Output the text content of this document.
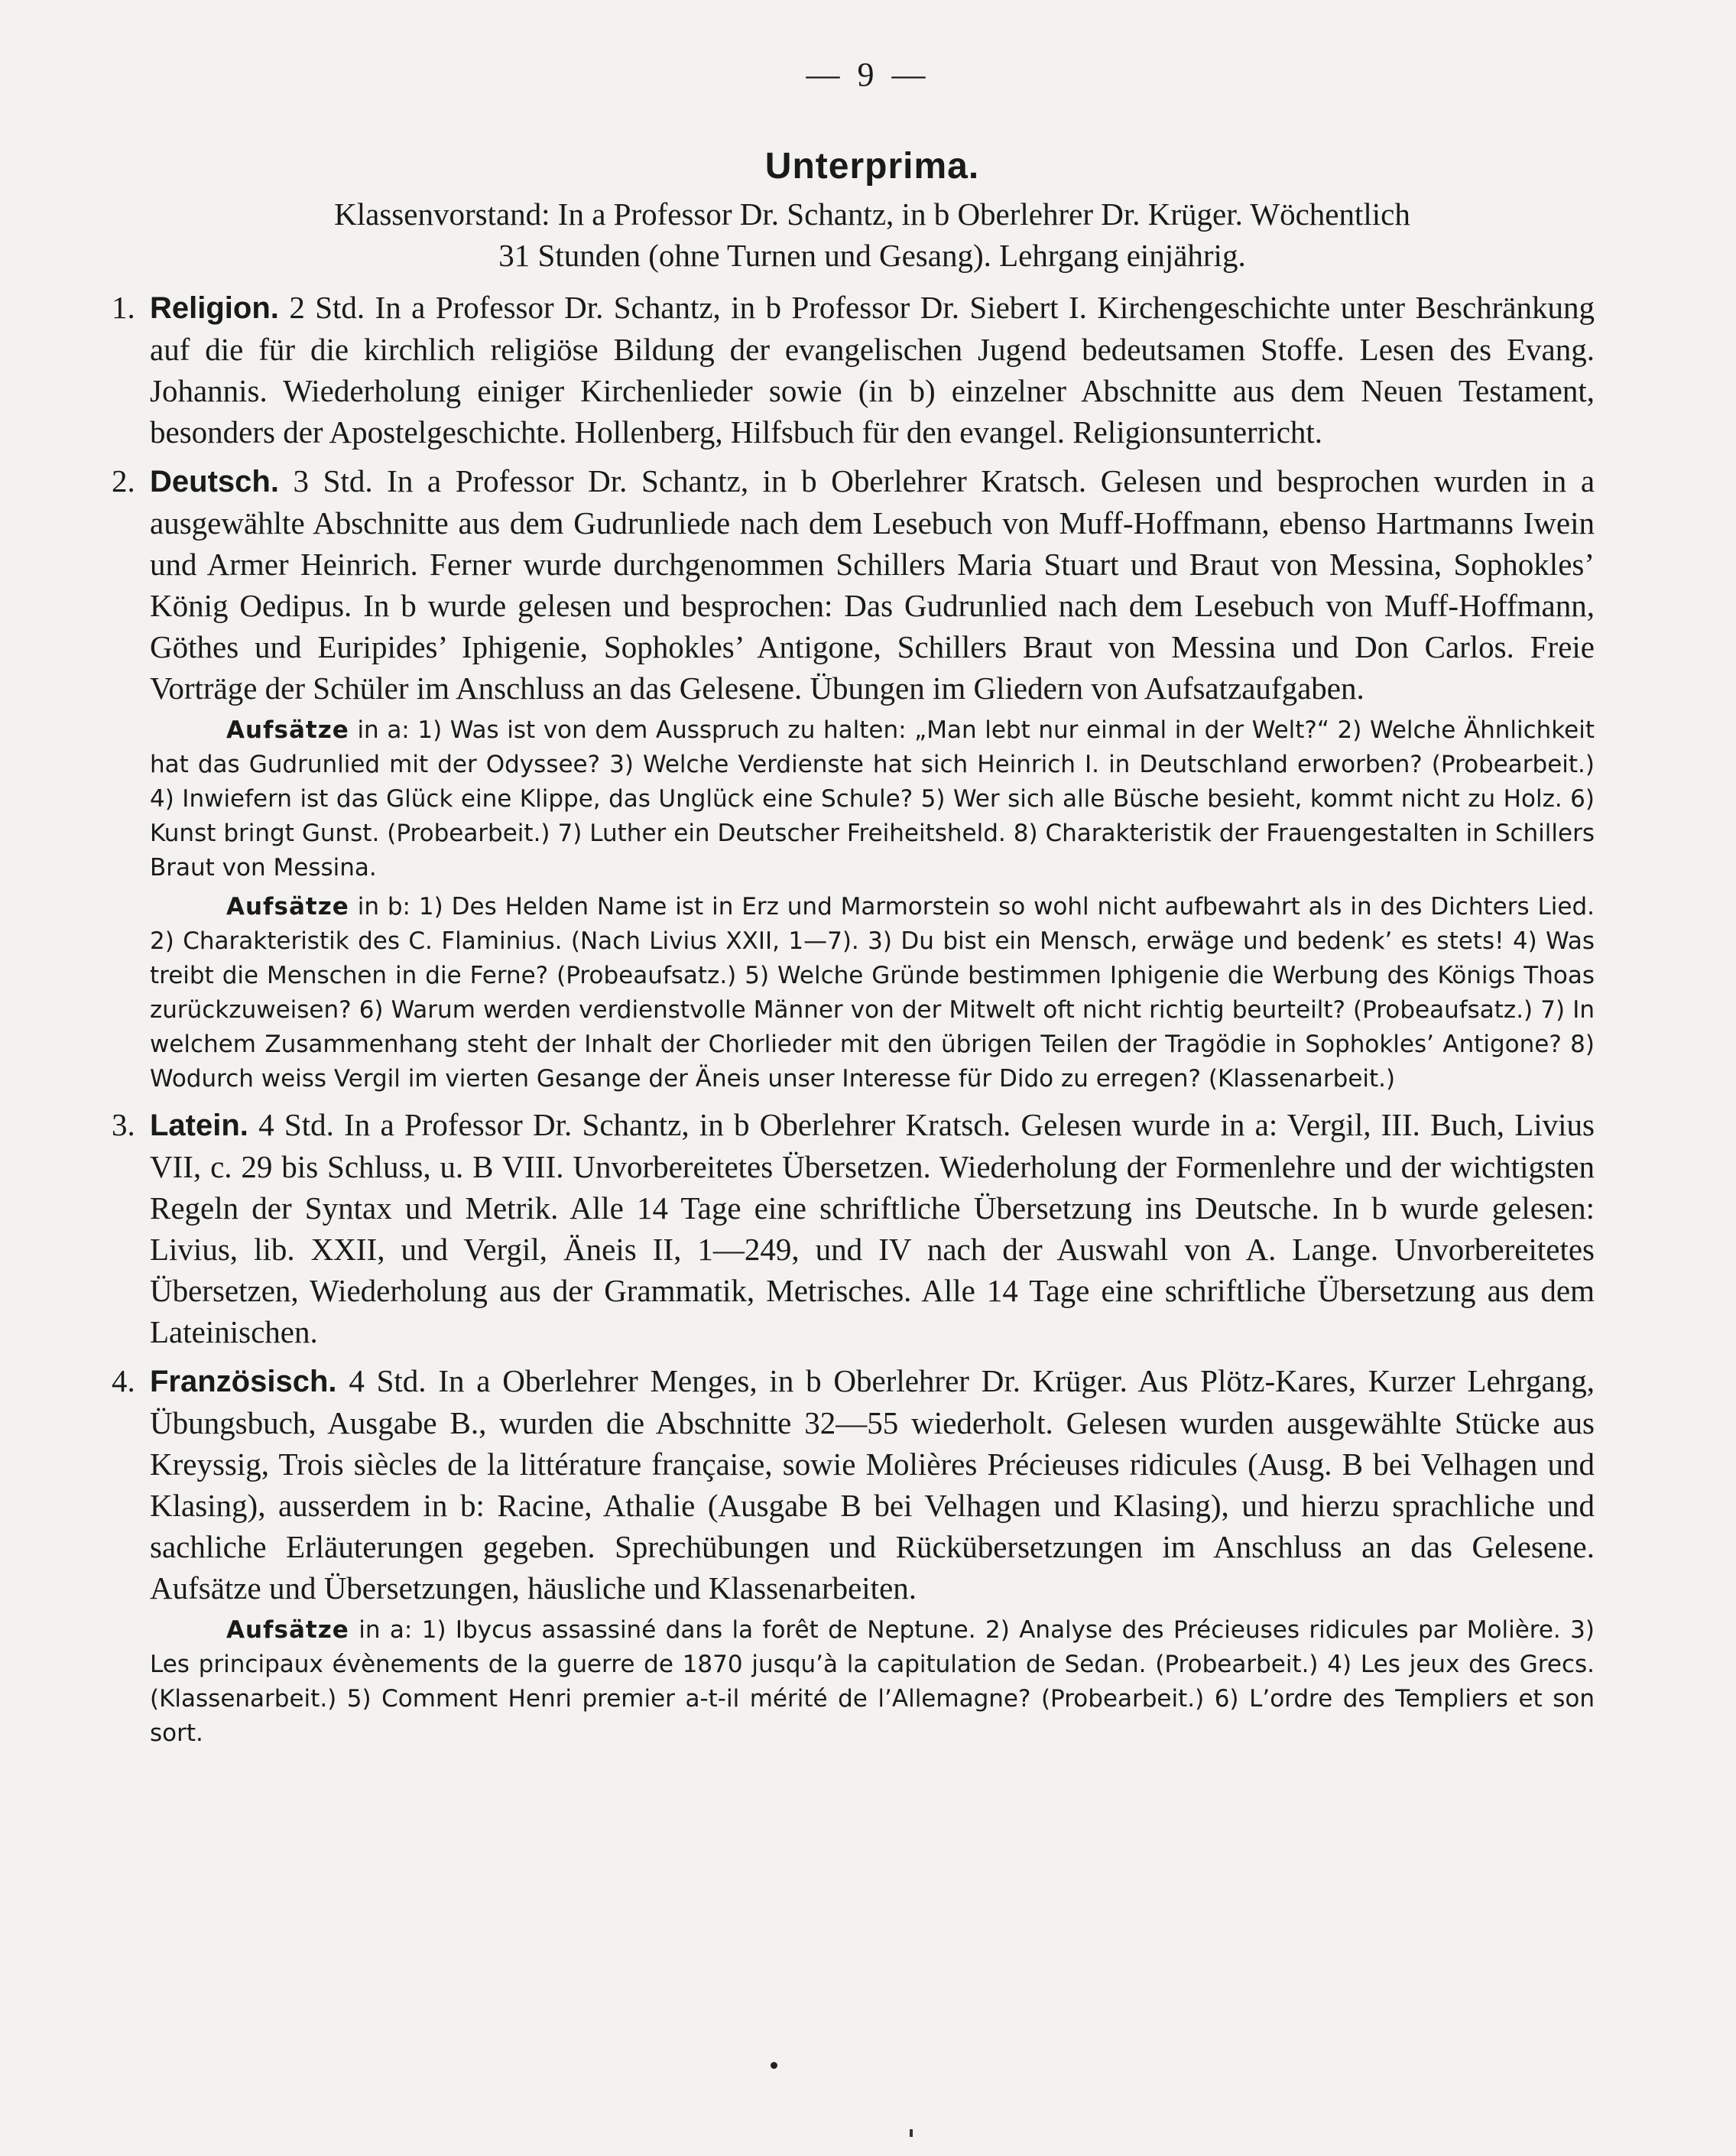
— 9 —
Unterprima.

Klassenvorstand: In a Professor Dr. Schantz, in b Oberlehrer Dr. Krüger. Wöchentlich

31 Stunden (ohne Turnen und Gesang). Lehrgang einjährig.

1. Religion. 2 Std. In a Professor Dr. Schantz, in b Professor Dr. Siebert I. Kirchengeschichte unter Beschränkung auf die für die kirchlich religiöse Bildung der evangelischen Jugend bedeutsamen Stoffe. Lesen des Evang. Johannis. Wiederholung einiger Kirchenlieder sowie (in b) einzelner Abschnitte aus dem Neuen Testament, besonders der Apostelgeschichte. Hollenberg, Hilfsbuch für den evangel. Religionsunterricht.

2. Deutsch. 3 Std. In a Professor Dr. Schantz, in b Oberlehrer Kratsch. Gelesen und besprochen wurden in a ausgewählte Abschnitte aus dem Gudrunliede nach dem Lesebuch von Muff-Hoffmann, ebenso Hartmanns Iwein und Armer Heinrich. Ferner wurde durchgenommen Schillers Maria Stuart und Braut von Messina, Sophokles’ König Oedipus. In b wurde gelesen und besprochen: Das Gudrunlied nach dem Lesebuch von Muff-Hoffmann, Göthes und Euripides’ Iphigenie, Sophokles’ Antigone, Schillers Braut von Messina und Don Carlos. Freie Vorträge der Schüler im Anschluss an das Gelesene. Übungen im Gliedern von Aufsatzaufgaben.

Aufsätze in a: 1) Was ist von dem Ausspruch zu halten: „Man lebt nur einmal in der Welt?“ 2) Welche Ähnlichkeit hat das Gudrunlied mit der Odyssee? 3) Welche Verdienste hat sich Heinrich I. in Deutschland erworben? (Probearbeit.) 4) Inwiefern ist das Glück eine Klippe, das Unglück eine Schule? 5) Wer sich alle Büsche besieht, kommt nicht zu Holz. 6) Kunst bringt Gunst. (Probearbeit.) 7) Luther ein Deutscher Freiheitsheld. 8) Charakteristik der Frauengestalten in Schillers Braut von Messina.

Aufsätze in b: 1) Des Helden Name ist in Erz und Marmorstein so wohl nicht aufbewahrt als in des Dichters Lied. 2) Charakteristik des C. Flaminius. (Nach Livius XXII, 1—7). 3) Du bist ein Mensch, erwäge und bedenk’ es stets! 4) Was treibt die Menschen in die Ferne? (Probeaufsatz.) 5) Welche Gründe bestimmen Iphigenie die Werbung des Königs Thoas zurückzuweisen? 6) Warum werden verdienstvolle Männer von der Mitwelt oft nicht richtig beurteilt? (Probeaufsatz.) 7) In welchem Zusammenhang steht der Inhalt der Chorlieder mit den übrigen Teilen der Tragödie in Sophokles’ Antigone? 8) Wodurch weiss Vergil im vierten Gesange der Äneis unser Interesse für Dido zu erregen? (Klassenarbeit.)

3. Latein. 4 Std. In a Professor Dr. Schantz, in b Oberlehrer Kratsch. Gelesen wurde in a: Vergil, III. Buch, Livius VII, c. 29 bis Schluss, u. B VIII. Unvorbereitetes Übersetzen. Wiederholung der Formenlehre und der wichtigsten Regeln der Syntax und Metrik. Alle 14 Tage eine schriftliche Übersetzung ins Deutsche. In b wurde gelesen: Livius, lib. XXII, und Vergil, Äneis II, 1—249, und IV nach der Auswahl von A. Lange. Unvorbereitetes Übersetzen, Wiederholung aus der Grammatik, Metrisches. Alle 14 Tage eine schriftliche Übersetzung aus dem Lateinischen.

4. Französisch. 4 Std. In a Oberlehrer Menges, in b Oberlehrer Dr. Krüger. Aus Plötz-Kares, Kurzer Lehrgang, Übungsbuch, Ausgabe B., wurden die Abschnitte 32—55 wiederholt. Gelesen wurden ausgewählte Stücke aus Kreyssig, Trois siècles de la littérature française, sowie Molières Précieuses ridicules (Ausg. B bei Velhagen und Klasing), ausserdem in b: Racine, Athalie (Ausgabe B bei Velhagen und Klasing), und hierzu sprachliche und sachliche Erläuterungen gegeben. Sprechübungen und Rückübersetzungen im Anschluss an das Gelesene. Aufsätze und Übersetzungen, häusliche und Klassenarbeiten.

Aufsätze in a: 1) Ibycus assassiné dans la forêt de Neptune. 2) Analyse des Précieuses ridicules par Molière. 3) Les principaux évènements de la guerre de 1870 jusqu’à la capitulation de Sedan. (Probearbeit.) 4) Les jeux des Grecs. (Klassenarbeit.) 5) Comment Henri premier a-t-il mérité de l’Allemagne? (Probearbeit.) 6) L’ordre des Templiers et son sort.
